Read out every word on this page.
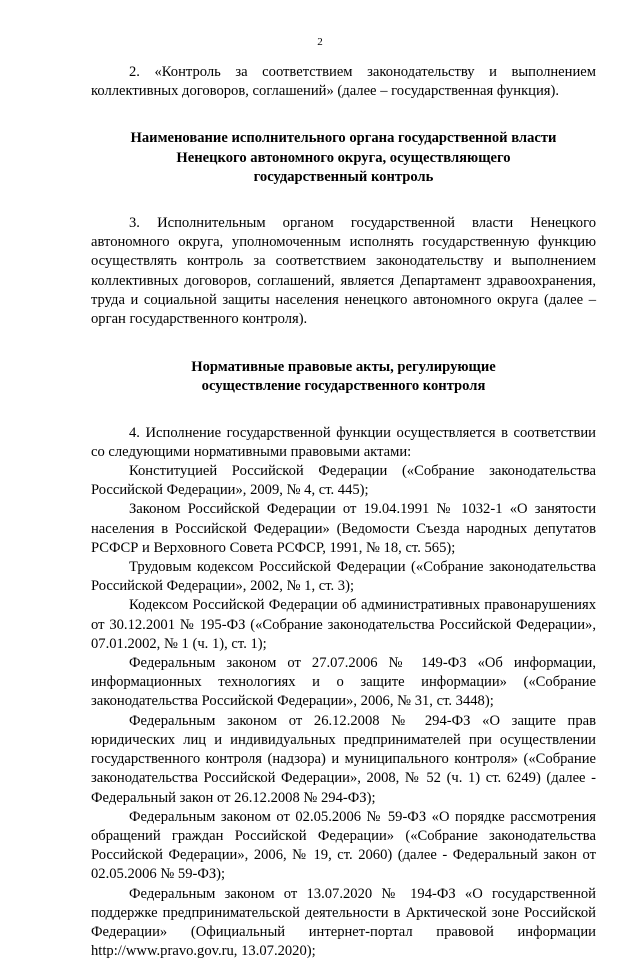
2

2. «Контроль за соответствием законодательству и выполнением коллективных договоров, соглашений» (далее – государственная функция).

Наименование исполнительного органа государственной власти
Ненецкого автономного округа, осуществляющего
государственный контроль

3. Исполнительным органом государственной власти Ненецкого автономного округа, уполномоченным исполнять государственную функцию осуществлять контроль за соответствием законодательству и выполнением коллективных договоров, соглашений, является Департамент здравоохранения, труда и социальной защиты населения ненецкого автономного округа (далее – орган государственного контроля).

Нормативные правовые акты, регулирующие
осуществление государственного контроля

4. Исполнение государственной функции осуществляется в соответствии со следующими нормативными правовыми актами:

Конституцией Российской Федерации («Собрание законодательства Российской Федерации», 2009, № 4, ст. 445);

Законом Российской Федерации от 19.04.1991 № 1032-1 «О занятости населения в Российской Федерации» (Ведомости Съезда народных депутатов РСФСР и Верховного Совета РСФСР, 1991, № 18, ст. 565);

Трудовым кодексом Российской Федерации («Собрание законодательства Российской Федерации», 2002, № 1, ст. 3);

Кодексом Российской Федерации об административных правонарушениях от 30.12.2001 № 195-ФЗ («Собрание законодательства Российской Федерации», 07.01.2002, № 1 (ч. 1), ст. 1);

Федеральным законом от 27.07.2006 № 149-ФЗ «Об информации, информационных технологиях и о защите информации» («Собрание законодательства Российской Федерации», 2006, № 31, ст. 3448);

Федеральным законом от 26.12.2008 № 294-ФЗ «О защите прав юридических лиц и индивидуальных предпринимателей при осуществлении государственного контроля (надзора) и муниципального контроля» («Собрание законодательства Российской Федерации», 2008, № 52 (ч. 1) ст. 6249) (далее - Федеральный закон от 26.12.2008 № 294-ФЗ);

Федеральным законом от 02.05.2006 № 59-ФЗ «О порядке рассмотрения обращений граждан Российской Федерации» («Собрание законодательства Российской Федерации», 2006, № 19, ст. 2060) (далее - Федеральный закон от 02.05.2006 № 59-ФЗ);

Федеральным законом от 13.07.2020 № 194-ФЗ «О государственной поддержке предпринимательской деятельности в Арктической зоне Российской Федерации» (Официальный интернет-портал правовой информации http://www.pravo.gov.ru, 13.07.2020);
